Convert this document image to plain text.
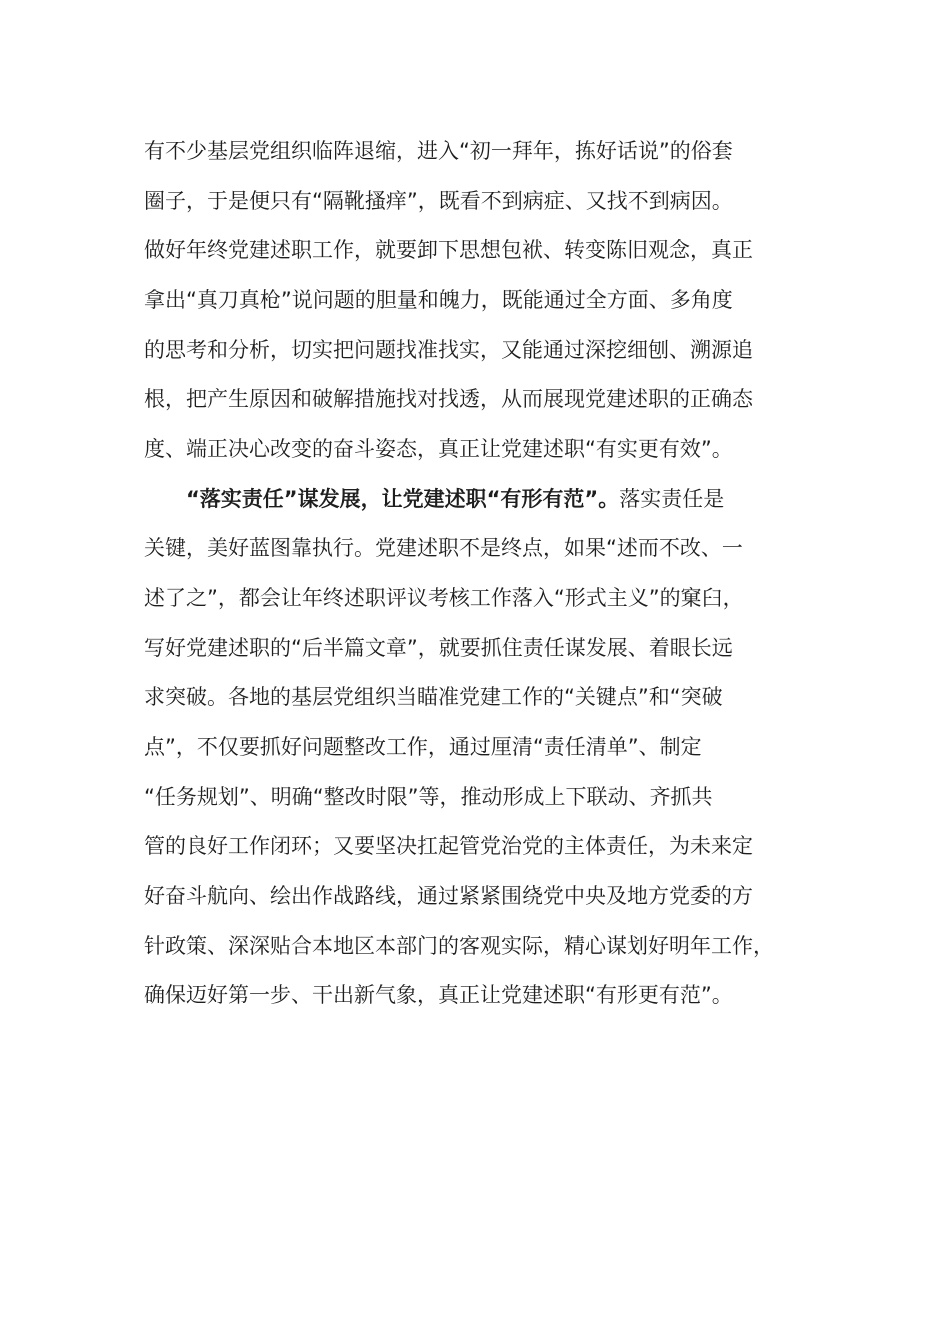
有不少基层党组织临阵退缩，进入“初一拜年，拣好话说”的俗套

圈子，于是便只有“隔靴搔痒”，既看不到病症、又找不到病因。

做好年终党建述职工作，就要卸下思想包袱、转变陈旧观念，真正

拿出“真刀真枪”说问题的胆量和魄力，既能通过全方面、多角度

的思考和分析，切实把问题找准找实，又能通过深挖细刨、溯源追

根，把产生原因和破解措施找对找透，从而展现党建述职的正确态

度、端正决心改变的奋斗姿态，真正让党建述职“有实更有效”。

“落实责任”谋发展，让党建述职“有形有范”。落实责任是

关键，美好蓝图靠执行。党建述职不是终点，如果“述而不改、一

述了之”，都会让年终述职评议考核工作落入“形式主义”的窠臼，

写好党建述职的“后半篇文章”，就要抓住责任谋发展、着眼长远

求突破。各地的基层党组织当瞄准党建工作的“关键点”和“突破

点”，不仅要抓好问题整改工作，通过厘清“责任清单”、制定

“任务规划”、明确“整改时限”等，推动形成上下联动、齐抓共

管的良好工作闭环；又要坚决扛起管党治党的主体责任，为未来定

好奋斗航向、绘出作战路线，通过紧紧围绕党中央及地方党委的方

针政策、深深贴合本地区本部门的客观实际，精心谋划好明年工作，

确保迈好第一步、干出新气象，真正让党建述职“有形更有范”。
